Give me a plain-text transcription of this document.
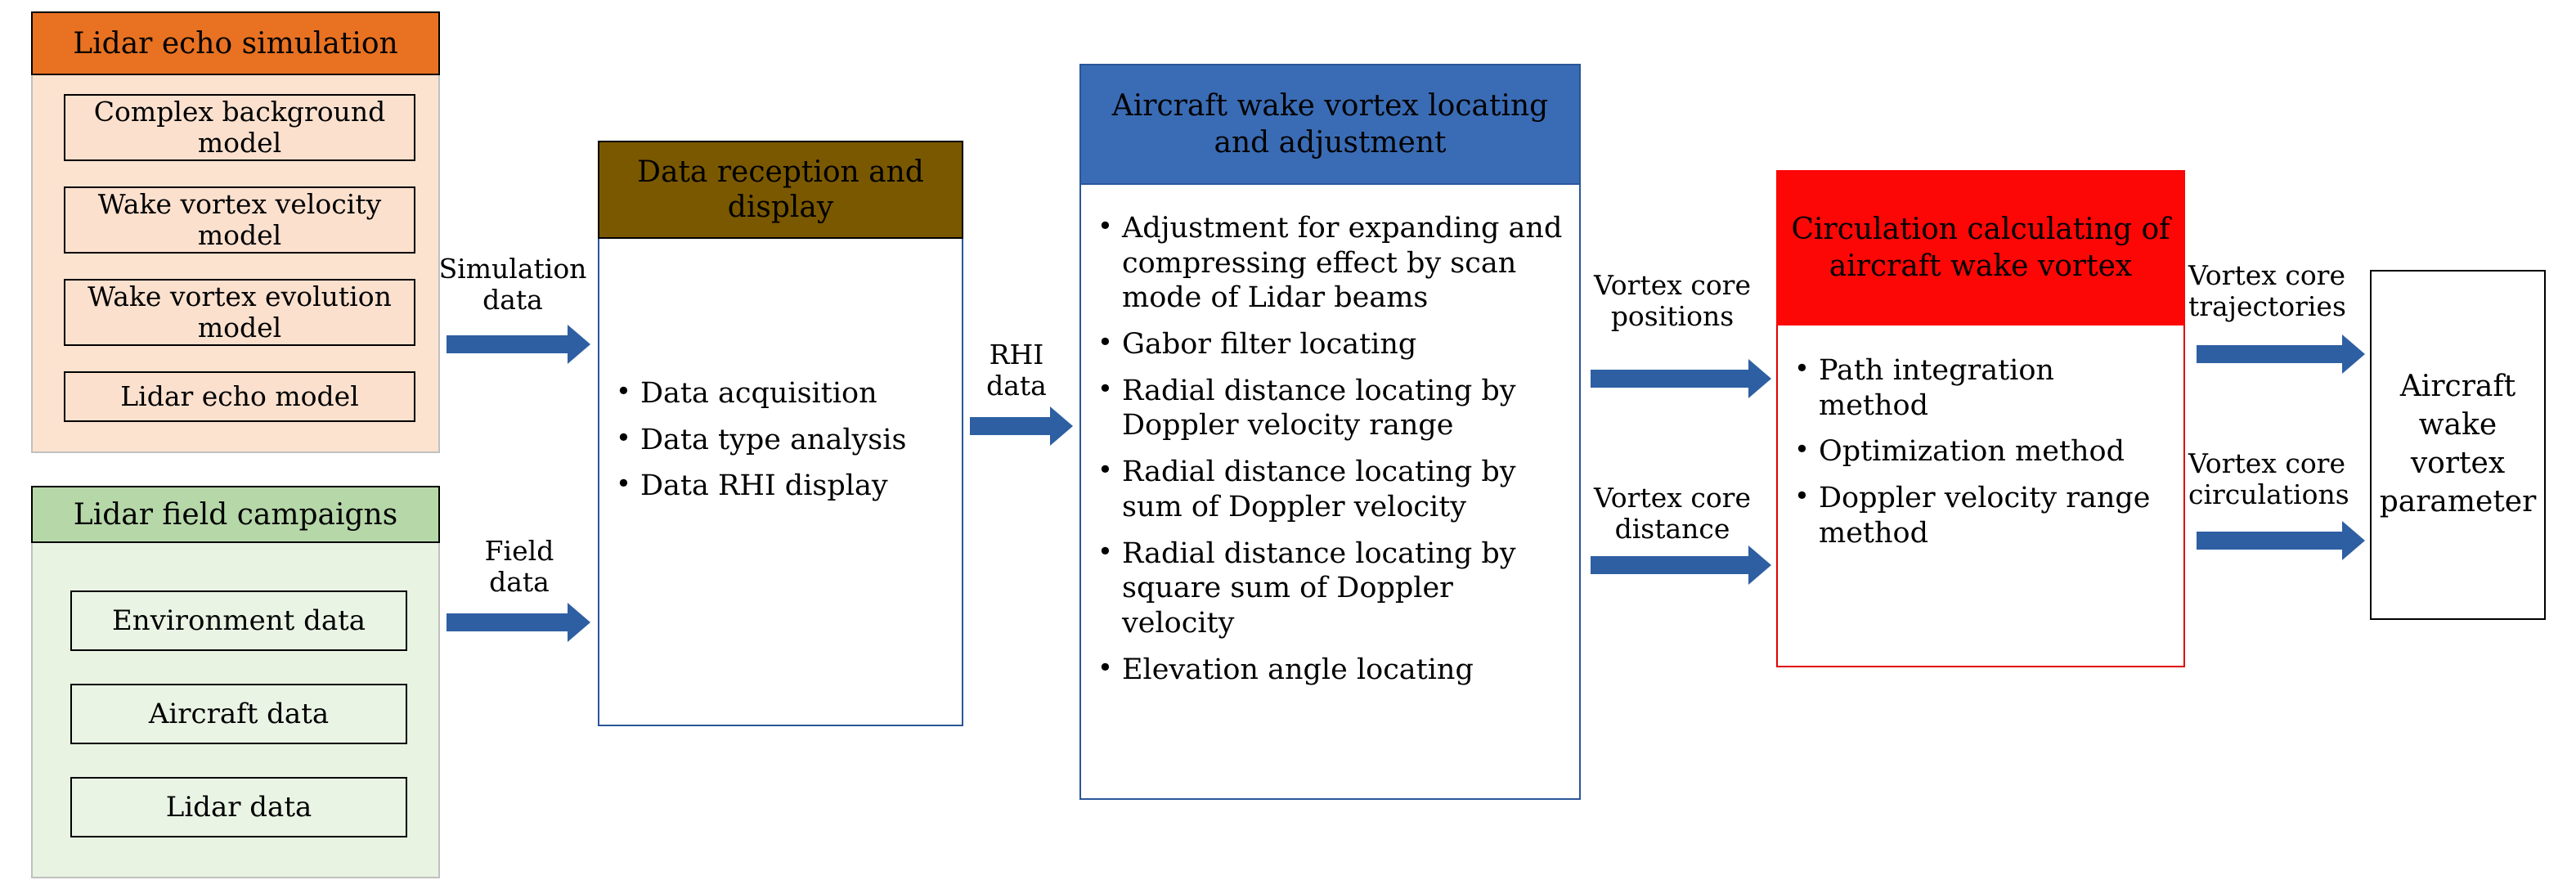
Lidar echo simulation
Complex background model
Wake vortex velocity model
Wake vortex evolution model
Lidar echo model
Lidar field campaigns
Environment data
Aircraft data
Lidar data
Data reception and display
• Data acquisition
• Data type analysis
• Data RHI display
Aircraft wake vortex locating and adjustment
• Adjustment for expanding and compressing effect by scan mode of Lidar beams
• Gabor filter locating
• Radial distance locating by Doppler velocity range
• Radial distance locating by sum of Doppler velocity
• Radial distance locating by square sum of Doppler velocity
• Elevation angle locating
Circulation calculating of aircraft wake vortex
• Path integration method
• Optimization method
• Doppler velocity range method
Aircraft wake vortex parameter
Simulation data
Field data
RHI data
Vortex core positions
Vortex core distance
Vortex core trajectories
Vortex core circulations
